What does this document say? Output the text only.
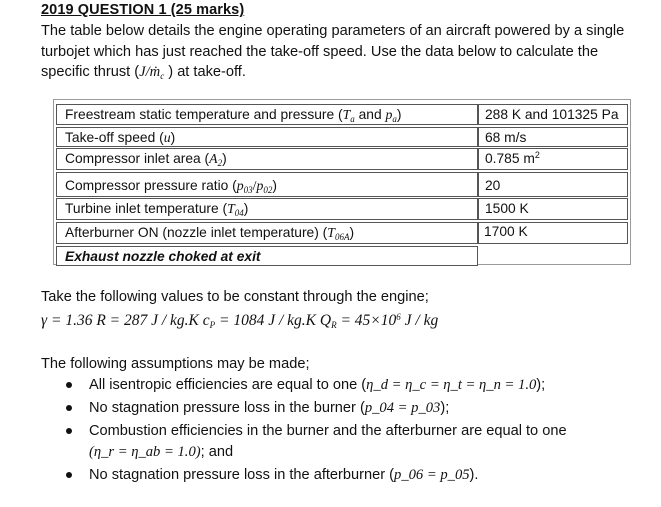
2019 QUESTION 1 (25 marks)
The table below details the engine operating parameters of an aircraft powered by a single
turbojet which has just reached the take-off speed. Use the data below to calculate the
specific thrust (J/ṁ$_c$ ) at take-off.
Freestream static temperature and pressure ($T_a$ and $p_a$)	288 K and 101325 Pa
Take-off speed (u)	68 m/s
Compressor inlet area $(A_2)$	0.785 $m^2$
Compressor pressure ratio $(p_{03}/p_{02})$	20
Turbine inlet temperature $(T_{04})$	1500 K
Afterburner ON (nozzle inlet temperature) $(T_{06A})$	1700 K
Exhaust nozzle choked at exit
Take the following values to be constant through the engine;
γ = 1.36 R = 287 J / kg.K $c_P = 1084$ J / kg.K $Q_R = 45\times 10^6$ J / kg
The following assumptions may be made;
All isentropic efficiencies are equal to one (η_d = η_c = η_t = η_n = 1.0);
No stagnation pressure loss in the burner (p_04 = p_03);
Combustion efficiencies in the burner and the afterburner are equal to one
(η_r = η_ab = 1.0); and
No stagnation pressure loss in the afterburner (p_06 = p_05).
